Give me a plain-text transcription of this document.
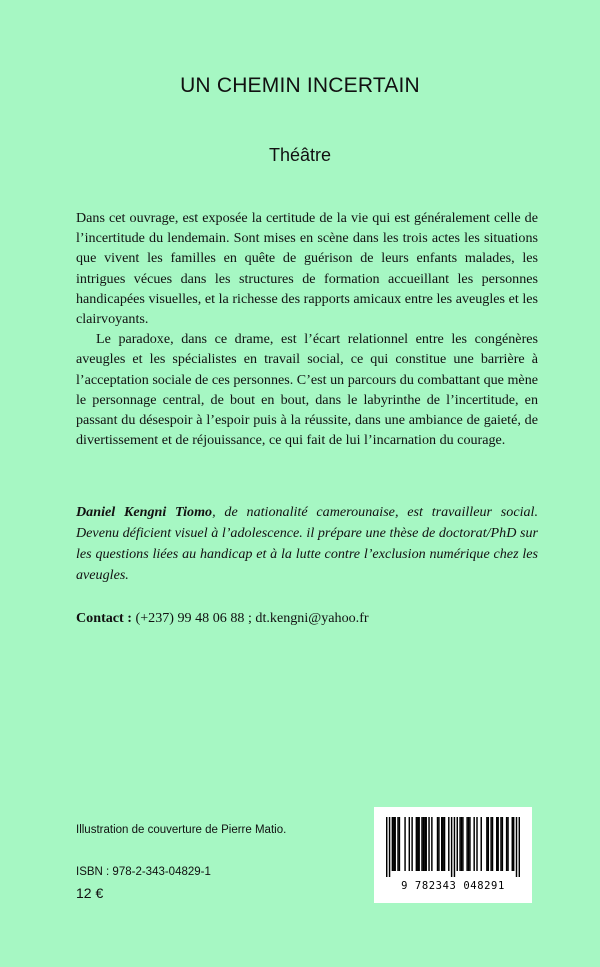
UN CHEMIN INCERTAIN
Théâtre

Dans cet ouvrage, est exposée la certitude de la vie qui est généralement celle de l’incertitude du lendemain. Sont mises en scène dans les trois actes les situations que vivent les familles en quête de guérison de leurs enfants malades, les intrigues vécues dans les structures de formation accueillant les personnes handicapées visuelles, et la richesse des rapports amicaux entre les aveugles et les clairvoyants.

Le paradoxe, dans ce drame, est l’écart relationnel entre les congénères aveugles et les spécialistes en travail social, ce qui constitue une barrière à l’acceptation sociale de ces personnes. C’est un parcours du combattant que mène le personnage central, de bout en bout, dans le labyrinthe de l’incertitude, en passant du désespoir à l’espoir puis à la réussite, dans une ambiance de gaieté, de divertissement et de réjouissance, ce qui fait de lui l’incarnation du courage.

Daniel Kengni Tiomo, de nationalité camerounaise, est travailleur social. Devenu déficient visuel à l’adolescence. il prépare une thèse de doctorat/PhD sur les questions liées au handicap et à la lutte contre l’exclusion numérique chez les aveugles.
Contact : (+237) 99 48 06 88 ; dt.kengni@yahoo.fr
Illustration de couverture de Pierre Matio.
ISBN : 978-2-343-04829-1
12 €	9 782343 048291
